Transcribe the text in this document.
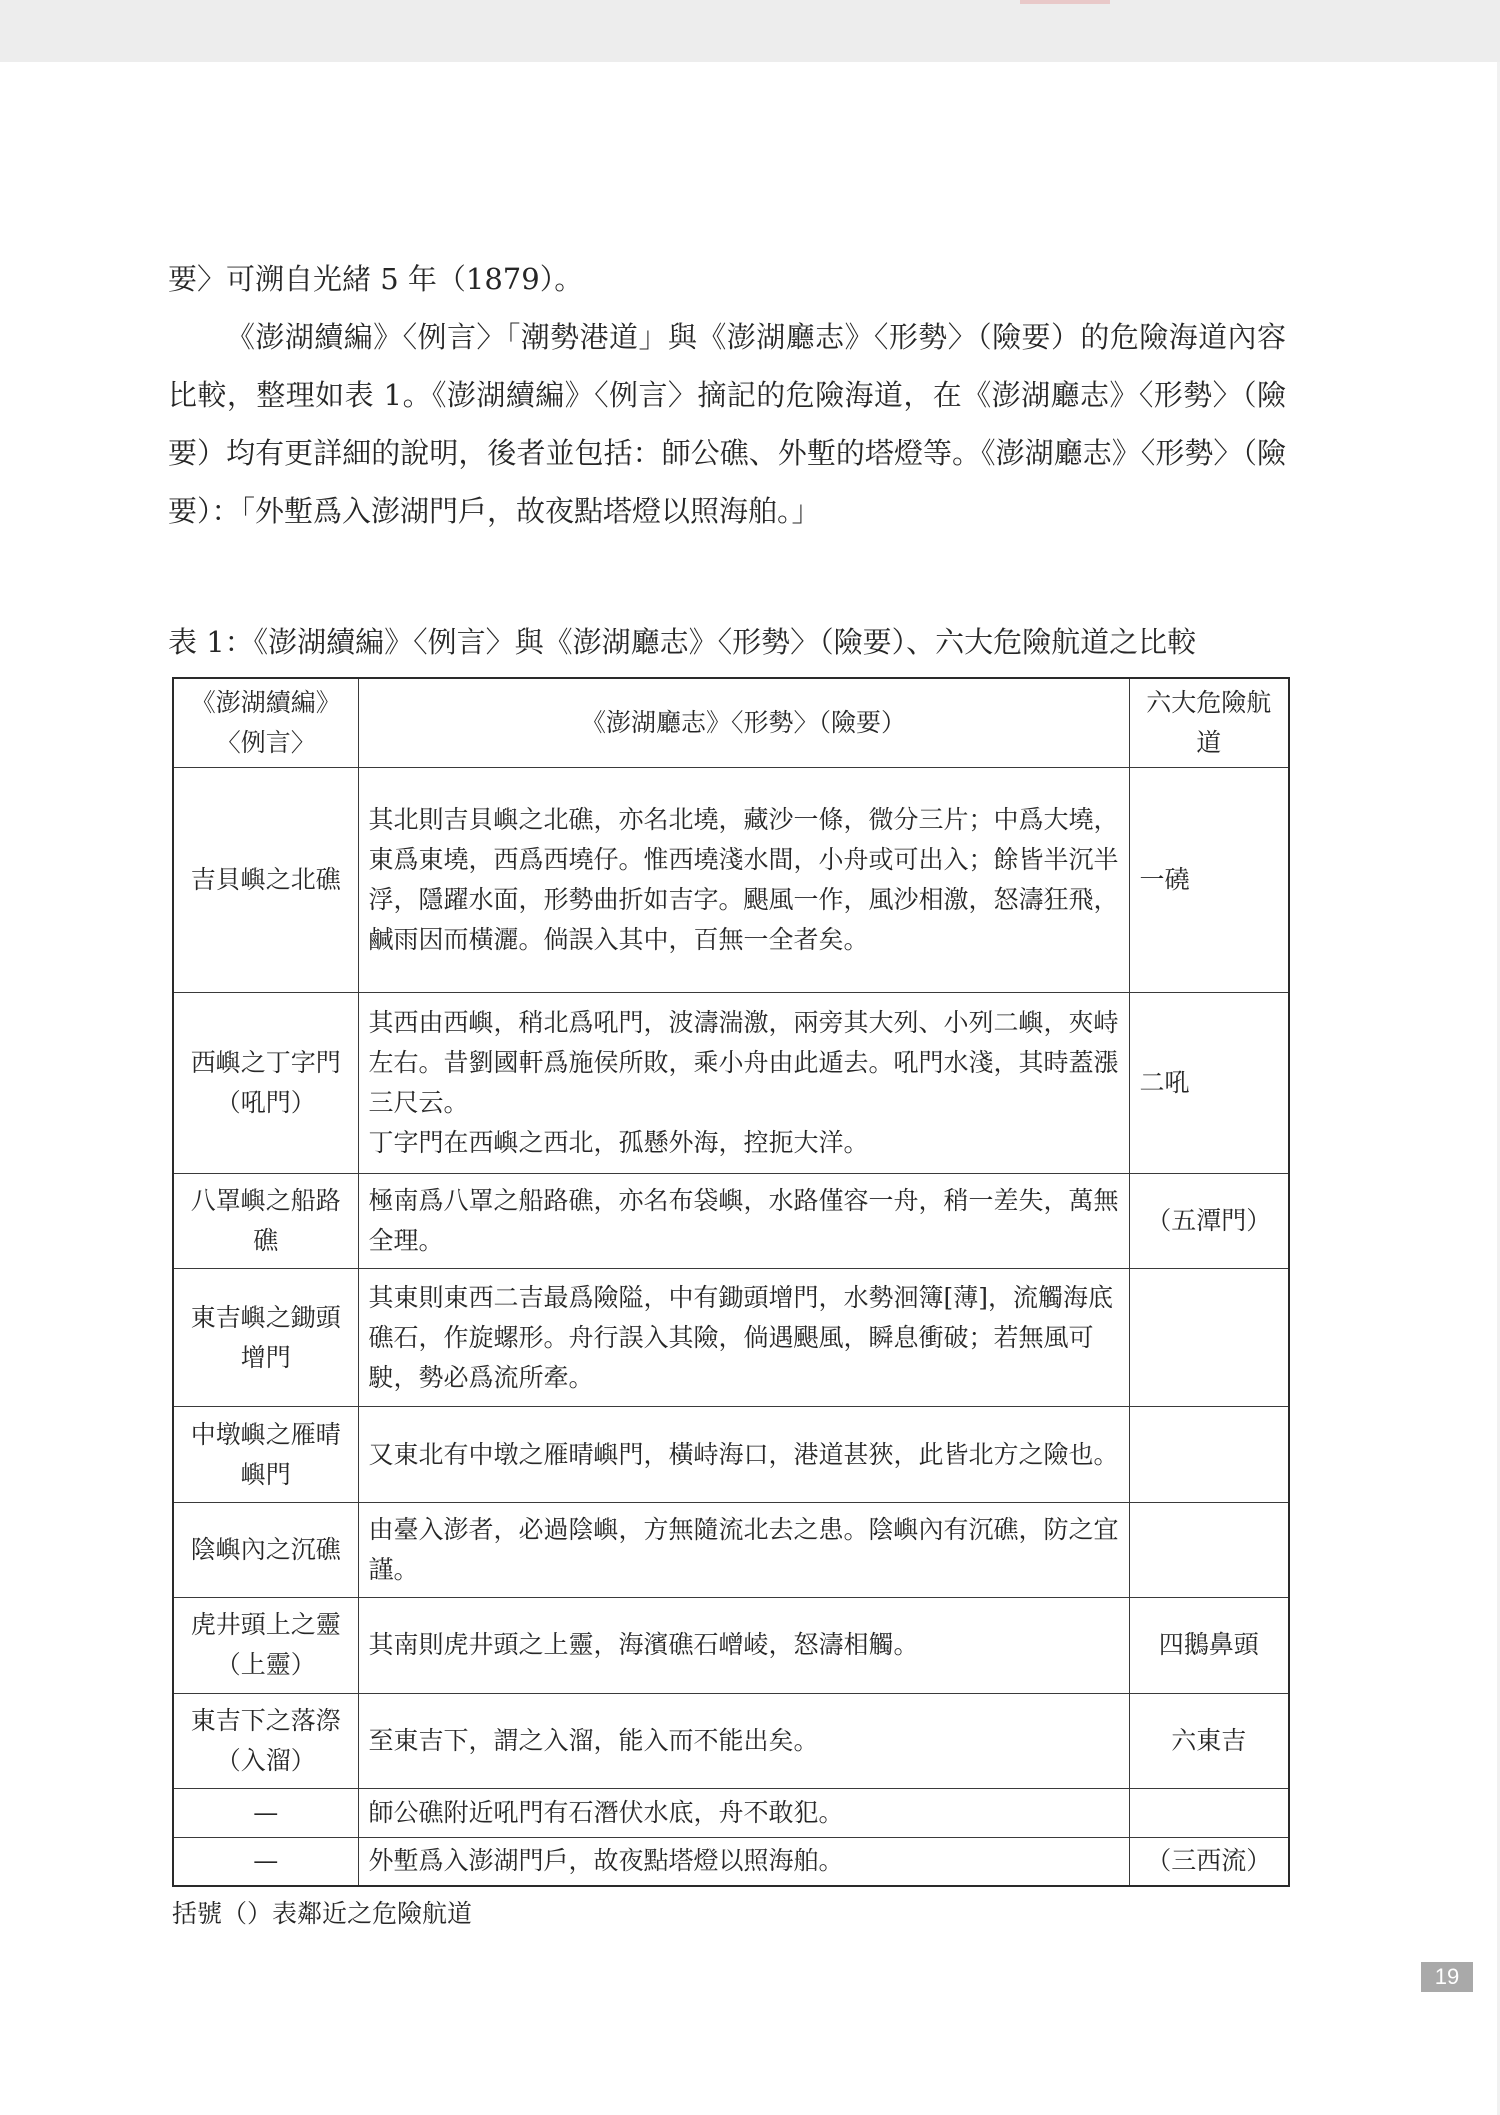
要〉可溯自光緒 5 年（1879）。

《澎湖續編》〈例言〉「潮勢港道」與《澎湖廳志》〈形勢〉（險要）的危險海道內容比較，整理如表 1。《澎湖續編》〈例言〉摘記的危險海道，在《澎湖廳志》〈形勢〉（險要）均有更詳細的說明，後者並包括：師公礁、外塹的塔燈等。《澎湖廳志》〈形勢〉（險要）：「外塹爲入澎湖門戶，故夜點塔燈以照海舶。」

表 1：《澎湖續編》〈例言〉與《澎湖廳志》〈形勢〉（險要）、六大危險航道之比較
《澎湖續編》〈例言〉	《澎湖廳志》〈形勢〉（險要）	六大危險航道
吉貝嶼之北礁	其北則吉貝嶼之北礁，亦名北墝，藏沙一條，微分三片；中爲大墝，東爲東墝，西爲西墝仔。惟西墝淺水間，小舟或可出入；餘皆半沉半浮，隱躍水面，形勢曲折如吉字。颶風一作，風沙相激，怒濤狂飛，鹹雨因而橫灑。倘誤入其中，百無一全者矣。	一磽
西嶼之丁字門（吼門）	其西由西嶼，稍北爲吼門，波濤湍激，兩旁其大列、小列二嶼，夾峙左右。昔劉國軒爲施侯所敗，乘小舟由此遁去。吼門水淺，其時蓋漲三尺云。
丁字門在西嶼之西北，孤懸外海，控扼大洋。	二吼
八罩嶼之船路礁	極南爲八罩之船路礁，亦名布袋嶼，水路僅容一舟，稍一差失，萬無全理。	（五潭門）
東吉嶼之鋤頭增門	其東則東西二吉最爲險隘，中有鋤頭增門，水勢洄簿[薄]，流觸海底礁石，作旋螺形。舟行誤入其險，倘遇颶風，瞬息衝破；若無風可駛，勢必爲流所牽。	
中墩嶼之雁晴嶼門	又東北有中墩之雁晴嶼門，橫峙海口，港道甚狹，此皆北方之險也。	
陰嶼內之沉礁	由臺入澎者，必過陰嶼，方無隨流北去之患。陰嶼內有沉礁，防之宜謹。	
虎井頭上之靈（上靈）	其南則虎井頭之上靈，海濱礁石嶒崚，怒濤相觸。	四鵝鼻頭
東吉下之落漈（入溜）	至東吉下，謂之入溜，能入而不能出矣。	六東吉
—	師公礁附近吼門有石潛伏水底，舟不敢犯。	
—	外塹爲入澎湖門戶，故夜點塔燈以照海舶。	（三西流）
括號（）表鄰近之危險航道
19
